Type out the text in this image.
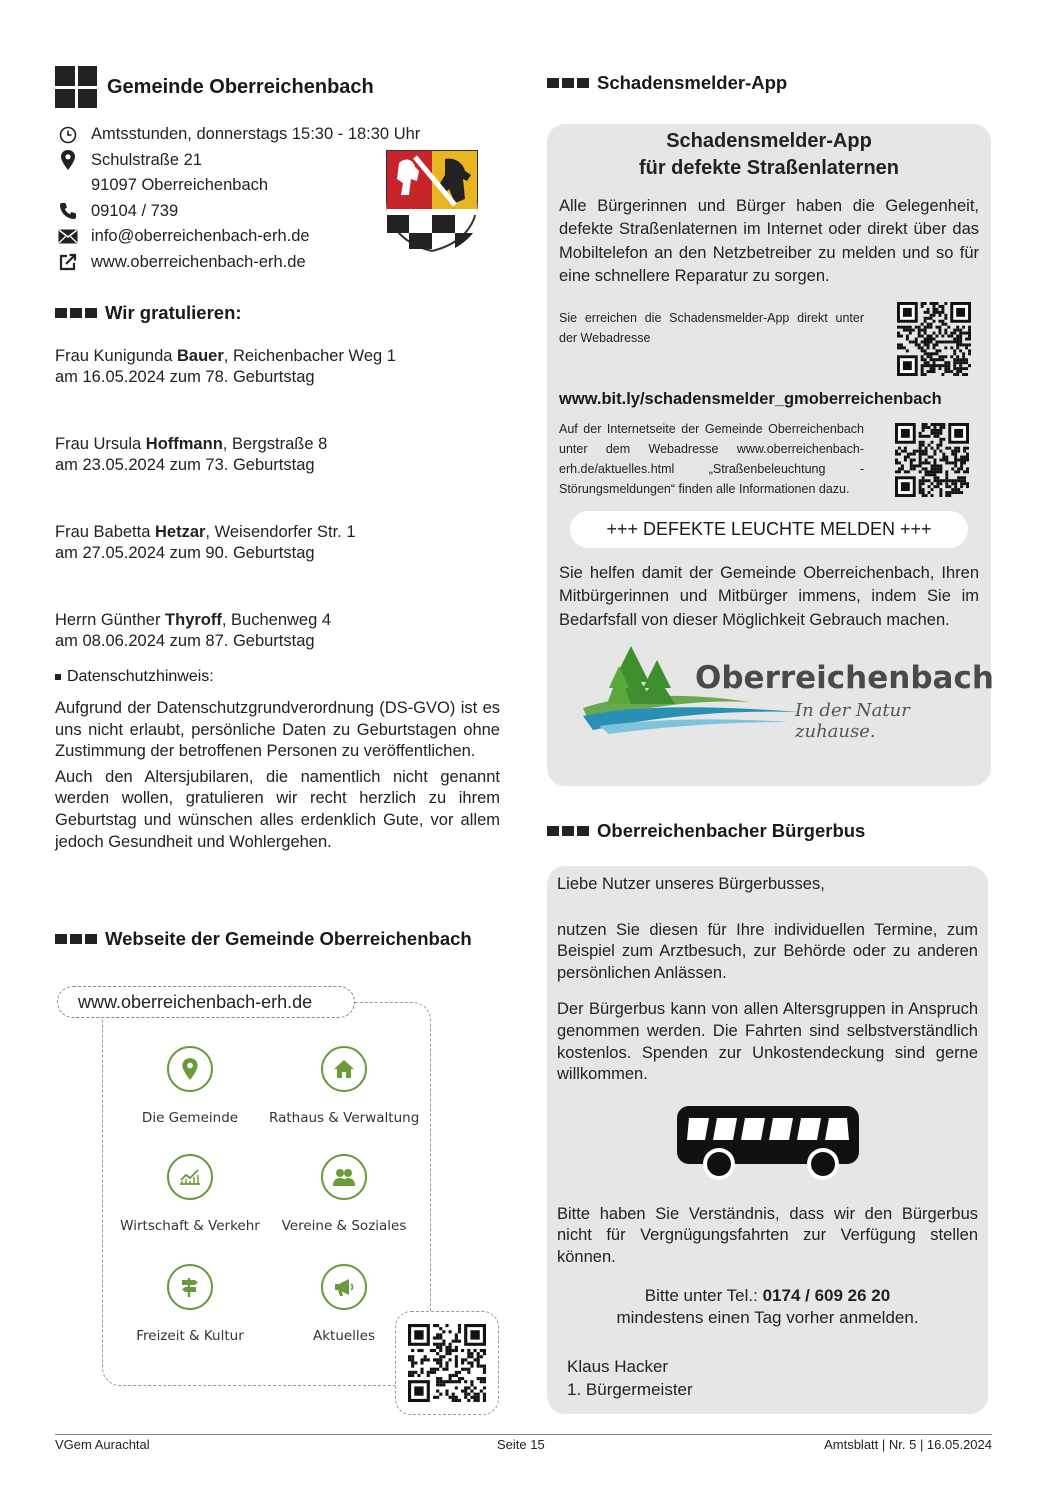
Gemeinde Oberreichenbach
Amtsstunden, donnerstags 15:30 - 18:30 Uhr
Schulstraße 21
91097 Oberreichenbach
09104 / 739
info@oberreichenbach-erh.de
www.oberreichenbach-erh.de
Wir gratulieren:
Frau Kunigunda Bauer, Reichenbacher Weg 1
am 16.05.2024 zum 78. Geburtstag
Frau Ursula Hoffmann, Bergstraße 8
am 23.05.2024 zum 73. Geburtstag
Frau Babetta Hetzar, Weisendorfer Str. 1
am 27.05.2024 zum 90. Geburtstag
Herrn Günther Thyroff, Buchenweg 4
am 08.06.2024 zum 87. Geburtstag
Datenschutzhinweis:

Aufgrund der Datenschutzgrundverordnung (DS-GVO) ist es uns nicht erlaubt, persönliche Daten zu Geburtstagen ohne Zustimmung der betroffenen Personen zu veröffentlichen.

Auch den Altersjubilaren, die namentlich nicht genannt werden wollen, gratulieren wir recht herzlich zu ihrem Geburtstag und wünschen alles erdenklich Gute, vor allem jedoch Gesundheit und Wohlergehen.

Webseite der Gemeinde Oberreichenbach
www.oberreichenbach-erh.de
Die Gemeinde	Rathaus & Verwaltung
Wirtschaft & Verkehr	Vereine & Soziales
Freizeit & Kultur	Aktuelles
Schadensmelder-App
Schadensmelder-App
für defekte Straßenlaternen

Alle Bürgerinnen und Bürger haben die Gelegenheit, defekte Straßenlaternen im Internet oder direkt über das Mobiltelefon an den Netzbetreiber zu melden und so für eine schnellere Reparatur zu sorgen.

Sie erreichen die Schadensmelder-App direkt unter der Webadresse

www.bit.ly/schadensmelder_gmoberreichenbach

Auf der Internetseite der Gemeinde Oberreichenbach unter dem Webadresse www.oberreichenbach-erh.de/aktuelles.html „Straßenbeleuchtung - Störungsmeldungen“ finden alle Informationen dazu.

+++ DEFEKTE LEUCHTE MELDEN +++

Sie helfen damit der Gemeinde Oberreichenbach, Ihren Mitbürgerinnen und Mitbürger immens, indem Sie im Bedarfsfall von dieser Möglichkeit Gebrauch machen.

Oberreichenbach
In der Natur zuhause.
Oberreichenbacher Bürgerbus

Liebe Nutzer unseres Bürgerbusses,

nutzen Sie diesen für Ihre individuellen Termine, zum Beispiel zum Arztbesuch, zur Behörde oder zu anderen persönlichen Anlässen.

Der Bürgerbus kann von allen Altersgruppen in Anspruch genommen werden. Die Fahrten sind selbstverständlich kostenlos. Spenden zur Unkostendeckung sind gerne willkommen.

Bitte haben Sie Verständnis, dass wir den Bürgerbus nicht für Vergnügungsfahrten zur Verfügung stellen können.

Bitte unter Tel.: 0174 / 609 26 20
mindestens einen Tag vorher anmelden.
Klaus Hacker
1. Bürgermeister
VGem Aurachtal	Seite 15	Amtsblatt | Nr. 5 | 16.05.2024
